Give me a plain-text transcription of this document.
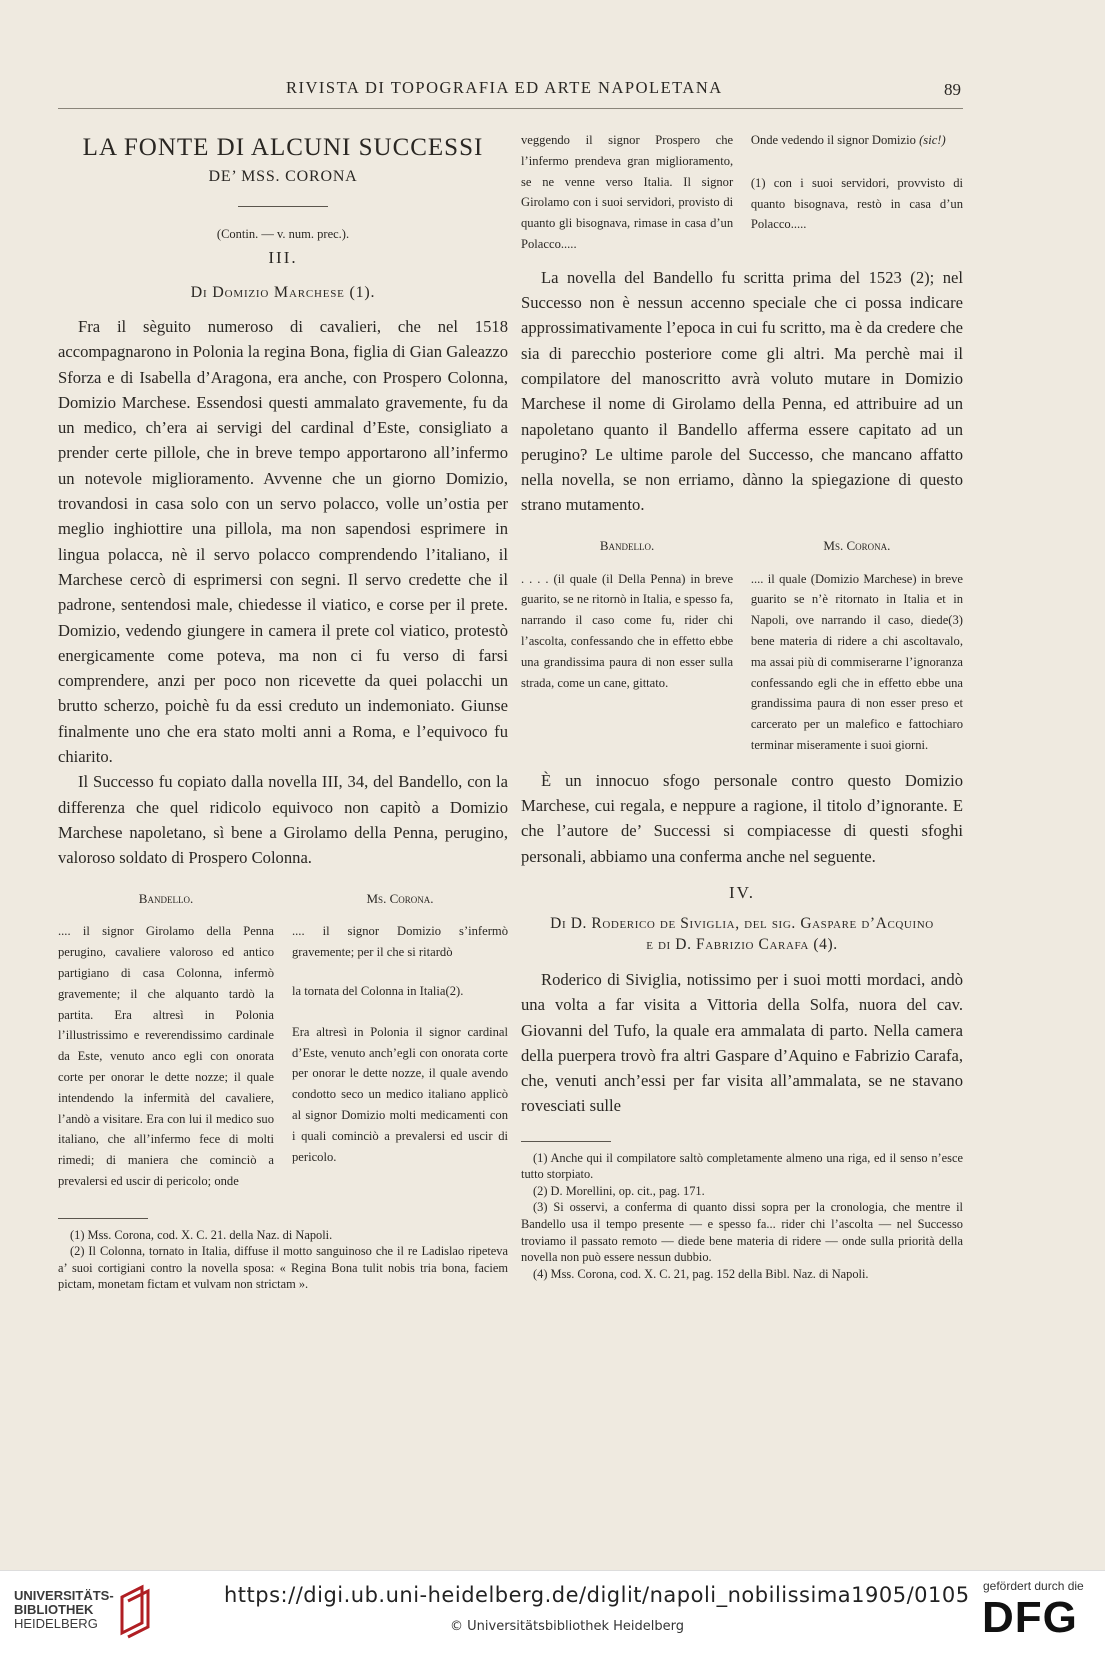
RIVISTA DI TOPOGRAFIA ED ARTE NAPOLETANA	89
LA FONTE DI ALCUNI SUCCESSI
DE’ MSS. CORONA
(Contin. — v. num. prec.).
III.
Di Domizio Marchese (1).

Fra il sèguito numeroso di cavalieri, che nel 1518 accompagnarono in Polonia la regina Bona, figlia di Gian Galeazzo Sforza e di Isabella d’Aragona, era anche, con Prospero Colonna, Domizio Marchese. Essendosi questi ammalato gravemente, fu da un medico, ch’era ai servigi del cardinal d’Este, consigliato a prender certe pillole, che in breve tempo apportarono all’infermo un notevole miglioramento. Avvenne che un giorno Domizio, trovandosi in casa solo con un servo polacco, volle un’ostia per meglio inghiottire una pillola, ma non sapendosi esprimere in lingua polacca, nè il servo polacco comprendendo l’italiano, il Marchese cercò di esprimersi con segni. Il servo credette che il padrone, sentendosi male, chiedesse il viatico, e corse per il prete. Domizio, vedendo giungere in camera il prete col viatico, protestò energicamente come poteva, ma non ci fu verso di farsi comprendere, anzi per poco non ricevette da quei polacchi un brutto scherzo, poichè fu da essi creduto un indemoniato. Giunse finalmente uno che era stato molti anni a Roma, e l’equivoco fu chiarito.

Il Successo fu copiato dalla novella III, 34, del Bandello, con la differenza che quel ridicolo equivoco non capitò a Domizio Marchese napoletano, sì bene a Girolamo della Penna, perugino, valoroso soldato di Prospero Colonna.

Bandello.

.... il signor Girolamo della Penna perugino, cavaliere valoroso ed antico partigiano di casa Colonna, infermò gravemente; il che alquanto tardò la partita. Era altresì in Polonia l’illustrissimo e reverendissimo cardinale da Este, venuto anco egli con onorata corte per onorar le dette nozze; il quale intendendo la infermità del cavaliere, l’andò a visitare. Era con lui il medico suo italiano, che all’infermo fece di molti rimedi; di maniera che cominciò a prevalersi ed uscir di pericolo; onde

Ms. Corona.

.... il signor Domizio s’infermò gravemente; per il che si ritardò

la tornata del Colonna in Italia(2).

Era altresì in Polonia il signor cardinal d’Este, venuto anch’egli con onorata corte per onorar le dette nozze, il quale avendo condotto seco un medico italiano applicò al signor Domizio molti medicamenti con i quali cominciò a prevalersi ed uscir di pericolo.

(1) Mss. Corona, cod. X. C. 21. della Naz. di Napoli.

(2) Il Colonna, tornato in Italia, diffuse il motto sanguinoso che il re Ladislao ripeteva a’ suoi cortigiani contro la novella sposa: « Regina Bona tulit nobis tria bona, faciem pictam, monetam fictam et vulvam non strictam ».

veggendo il signor Prospero che l’infermo prendeva gran miglioramento, se ne venne verso Italia. Il signor Girolamo con i suoi servidori, provisto di quanto gli bisognava, rimase in casa d’un Polacco.....

Onde vedendo il signor Domizio (sic!)

(1) con i suoi servidori, provvisto di quanto bisognava, restò in casa d’un Polacco.....

La novella del Bandello fu scritta prima del 1523 (2); nel Successo non è nessun accenno speciale che ci possa indicare approssimativamente l’epoca in cui fu scritto, ma è da credere che sia di parecchio posteriore come gli altri. Ma perchè mai il compilatore del manoscritto avrà voluto mutare in Domizio Marchese il nome di Girolamo della Penna, ed attribuire ad un napoletano quanto il Bandello afferma essere capitato ad un perugino? Le ultime parole del Successo, che mancano affatto nella novella, se non erriamo, dànno la spiegazione di questo strano mutamento.

Bandello.

. . . . (il quale (il Della Penna) in breve guarito, se ne ritornò in Italia, e spesso fa, narrando il caso come fu, rider chi l’ascolta, confessando che in effetto ebbe una grandissima paura di non esser sulla strada, come un cane, gittato.

Ms. Corona.

.... il quale (Domizio Marchese) in breve guarito se n’è ritornato in Italia et in Napoli, ove narrando il caso, diede(3) bene materia di ridere a chi ascoltavalo, ma assai più di commiserarne l’ignoranza confessando egli che in effetto ebbe una grandissima paura di non esser preso et carcerato per un malefico e fattochiaro terminar miseramente i suoi giorni.

È un innocuo sfogo personale contro questo Domizio Marchese, cui regala, e neppure a ragione, il titolo d’ignorante. E che l’autore de’ Successi si compiacesse di questi sfoghi personali, abbiamo una conferma anche nel seguente.

IV.
Di D. Roderico de Siviglia, del sig. Gaspare d’Acquino
e di D. Fabrizio Carafa (4).

Roderico di Siviglia, notissimo per i suoi motti mordaci, andò una volta a far visita a Vittoria della Solfa, nuora del cav. Giovanni del Tufo, la quale era ammalata di parto. Nella camera della puerpera trovò fra altri Gaspare d’Aquino e Fabrizio Carafa, che, venuti anch’essi per far visita all’ammalata, se ne stavano rovesciati sulle

(1) Anche qui il compilatore saltò completamente almeno una riga, ed il senso n’esce tutto storpiato.

(2) D. Morellini, op. cit., pag. 171.

(3) Si osservi, a conferma di quanto dissi sopra per la cronologia, che mentre il Bandello usa il tempo presente — e spesso fa... rider chi l’ascolta — nel Successo troviamo il passato remoto — diede bene materia di ridere — onde sulla priorità della novella non può essere nessun dubbio.

(4) Mss. Corona, cod. X. C. 21, pag. 152 della Bibl. Naz. di Napoli.

UNIVERSITÄTS-
BIBLIOTHEK
HEIDELBERG
https://digi.ub.uni-heidelberg.de/diglit/napoli_nobilissima1905/0105
© Universitätsbibliothek Heidelberg
gefördert durch die
DFG
